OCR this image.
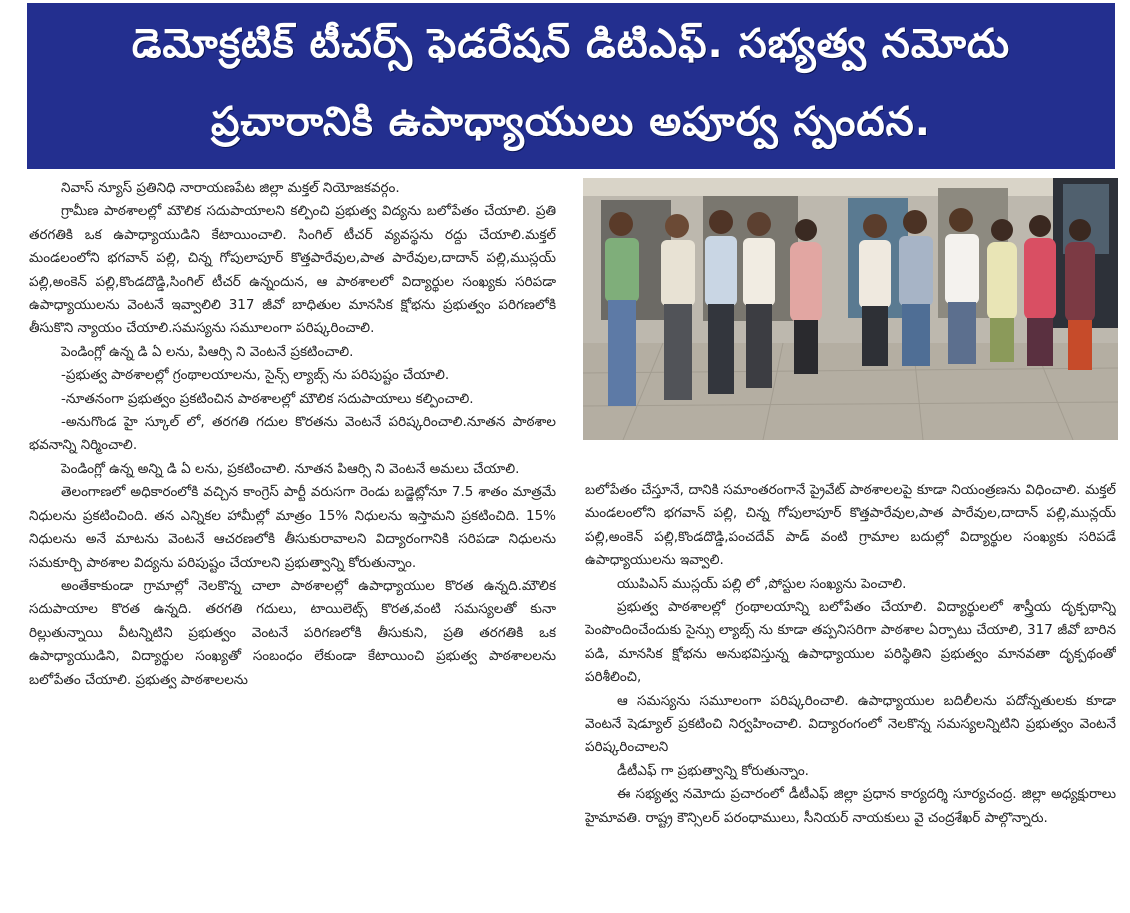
డెమోక్రటిక్ టీచర్స్ ఫెడరేషన్ డిటిఎఫ్. సభ్యత్వ నమోదు
ప్రచారానికి ఉపాధ్యాయులు అపూర్వ స్పందన.

నివాస్ న్యూస్ ప్రతినిధి నారాయణపేట జిల్లా మక్తల్ నియోజకవర్గం.

గ్రామీణ పాఠశాలల్లో మౌలిక సదుపాయాలని కల్పించి ప్రభుత్వ విద్యను బలోపేతం చేయాలి. ప్రతి తరగతికి ఒక ఉపాధ్యాయుడిని కేటాయించాలి. సింగిల్ టీచర్ వ్యవస్థను రద్దు చేయాలి.మక్తల్ మండలంలోని భగవాన్ పల్లి, చిన్న గోపులాపూర్ కొత్తపారేవుల,పాత పారేవుల,దాదాన్ పల్లి,ముస్లయ్ పల్లి,అంకెన్ పల్లి,కొండదొడ్డి,సింగిల్ టీచర్ ఉన్నందున, ఆ పాఠశాలలో విద్యార్థుల సంఖ్యకు సరిపడా ఉపాధ్యాయులను వెంటనే ఇవ్వాలిలి 317 జీవో బాధితుల మానసిక క్షోభను ప్రభుత్వం పరిగణలోకి తీసుకొని న్యాయం చేయాలి.సమస్యను సమూలంగా పరిష్కరించాలి.

పెండింగ్లో ఉన్న డి ఏ లను, పిఆర్సి ని వెంటనే ప్రకటించాలి.

-ప్రభుత్వ పాఠశాలల్లో గ్రంథాలయాలను, సైన్స్ ల్యాబ్స్ ను పరిపుష్టం చేయాలి.

-నూతనంగా ప్రభుత్వం ప్రకటించిన పాఠశాలల్లో మౌలిక సదుపాయాలు కల్పించాలి.

-అనుగొండ హై స్కూల్ లో, తరగతి గదుల కొరతను వెంటనే పరిష్కరించాలి.నూతన పాఠశాల భవనాన్ని నిర్మించాలి.

పెండింగ్లో ఉన్న అన్ని డి ఏ లను, ప్రకటించాలి. నూతన పిఆర్సి ని వెంటనే అమలు చేయాలి.

తెలంగాణలో అధికారంలోకి వచ్చిన కాంగ్రెస్ పార్టీ వరుసగా రెండు బడ్జెట్లోనూ 7.5 శాతం మాత్రమే నిధులను ప్రకటించింది. తన ఎన్నికల హామీల్లో మాత్రం 15% నిధులను ఇస్తామని ప్రకటించిది. 15% నిధులను అనే మాటను వెంటనే ఆచరణలోకి తీసుకురావాలని విద్యారంగానికి సరిపడా నిధులను సమకూర్చి పాఠశాల విద్యను పరిపుష్టం చేయాలని ప్రభుత్వాన్ని కోరుతున్నాం.

అంతేకాకుండా గ్రామాల్లో నెలకొన్న చాలా పాఠశాలల్లో ఉపాధ్యాయుల కొరత ఉన్నది.మౌలిక సదుపాయాల కొరత ఉన్నది. తరగతి గదులు, టాయిలెట్స్ కొరత,వంటి సమస్యలతో కునా రిల్లుతున్నాయి వీటన్నిటిని ప్రభుత్వం వెంటనే పరిగణలోకి తీసుకుని, ప్రతి తరగతికి ఒక ఉపాధ్యాయుడిని, విద్యార్థుల సంఖ్యతో సంబంధం లేకుండా కేటాయించి ప్రభుత్వ పాఠశాలలను బలోపేతం చేయాలి. ప్రభుత్వ పాఠశాలలను

బలోపేతం చేస్తూనే, దానికి సమాంతరంగానే ప్రైవేట్ పాఠశాలలపై కూడా నియంత్రణను విధించాలి. మక్తల్ మండలంలోని భగవాన్ పల్లి, చిన్న గోపులాపూర్ కొత్తపారేవుల,పాత పారేవుల,దాదాన్ పల్లి,మున్లయ్ పల్లి,అంకెన్ పల్లి,కొండదొడ్డి,పంచదేవ్ పాడ్ వంటి గ్రామాల బదుల్లో విద్యార్థుల సంఖ్యకు సరిపడే ఉపాధ్యాయులను ఇవ్వాలి.

యుపిఎస్ ముస్లయ్ పల్లి లో ,పోస్టుల సంఖ్యను పెంచాలి.

ప్రభుత్వ పాఠశాలల్లో గ్రంథాలయాన్ని బలోపేతం చేయాలి. విద్యార్థులలో శాస్త్రీయ దృక్పథాన్ని పెంపొందించేందుకు సైన్సు ల్యాబ్స్ ను కూడా తప్పనిసరిగా పాఠశాల ఏర్పాటు చేయాలి, 317 జీవో బారిన పడి, మానసిక క్షోభను అనుభవిస్తున్న ఉపాధ్యాయుల పరిస్థితిని ప్రభుత్వం మానవతా దృక్పథంతో పరిశీలించి,

ఆ సమస్యను సమూలంగా పరిష్కరించాలి. ఉపాధ్యాయుల బదిలీలను పదోన్నతులకు కూడా వెంటనే షెడ్యూల్ ప్రకటించి నిర్వహించాలి. విద్యారంగంలో నెలకొన్న సమస్యలన్నిటిని ప్రభుత్వం వెంటనే పరిష్కరించాలని

డీటీఎఫ్ గా ప్రభుత్వాన్ని కోరుతున్నాం.

ఈ సభ్యత్వ నమోదు ప్రచారంలో డీటీఎఫ్ జిల్లా ప్రధాన కార్యదర్శి సూర్యచంద్ర. జిల్లా అధ్యక్షురాలు హైమావతి. రాష్ట్ర కౌన్సిలర్ పరంధాములు, సీనియర్ నాయకులు వై చంద్రశేఖర్ పాల్గొన్నారు.
